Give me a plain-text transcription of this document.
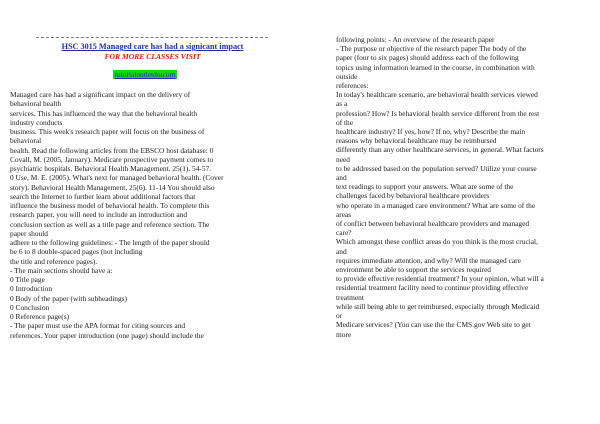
HSC 3015 Managed care has had a signicant impact
FOR MORE CLASSES VISIT
tutorialoutletdotcom
Managed care has had a significant impact on the delivery of
behavioral health
services. This has influenced the way that the behavioral health
industry conducts
business. This week's research paper will focus on the business of
behavioral
health. Read the following articles from the EBSCO host database: 0
Covall, M. (2005, January). Medicare prospective payment comes to
psychiatric hospitals. Behavioral Health Management. 25(1). 54-57.
0 Use, M. E. (2005). What's next for managed behavioral health. (Cover
story). Behavioral Health Management, 25(6). 11-14 You should also
search the Internet to further learn about additional factors that
influence the business model of behavioral health. To complete this
research paper, you will need to include an introduction and
conclusion section as well as a title page and reference section. The
paper should
adhere to the following guidelines: - The length of the paper should
be 6 to 8 double-spaced pages (not including
the title and reference pages).
- The main sections should have a:
0 Title page
0 Introduction
0 Body of the paper (with subheadings)
0 Conclusion
0 Reference page(s)
- The paper must use the APA format for citing sources and
references. Your paper introduction (one page) should include the
following points: - An overview of the research paper
- The purpose or objective of the research paper The body of the
paper (four to six pages) should address each of the following
topics using information learned in the course, in combination with
outside
references:
In today's healthcare scenario, are behavioral health services viewed
as a
profession? How? Is behavioral health service different from the rest
of the
healthcare industry? If yes, how? If no, why? Describe the main
reasons why behavioral healthcare may be reimbursed
differently than any other healthcare services, in general. What factors
need
to be addressed based on the population served? Utilize your course
and
text readings to support your answers. What are some of the
challenges faced by behavioral healthcare providers
who operate in a managed care environment? What are some of the
areas
of conflict between behavioral healthcare providers and managed
care?
Which amongst these conflict areas do you think is the most crucial,
and
requires immediate attention, and why? Will the managed care
environment be able to support the services required
to provide effective residential treatment? In your opinion, what will a
residential treatment facility need to continue providing effective
treatment
while still being able to get reimbursed, especially through Medicaid
or
Medicare services? (You can use the the CMS.gov Web site to get
more
